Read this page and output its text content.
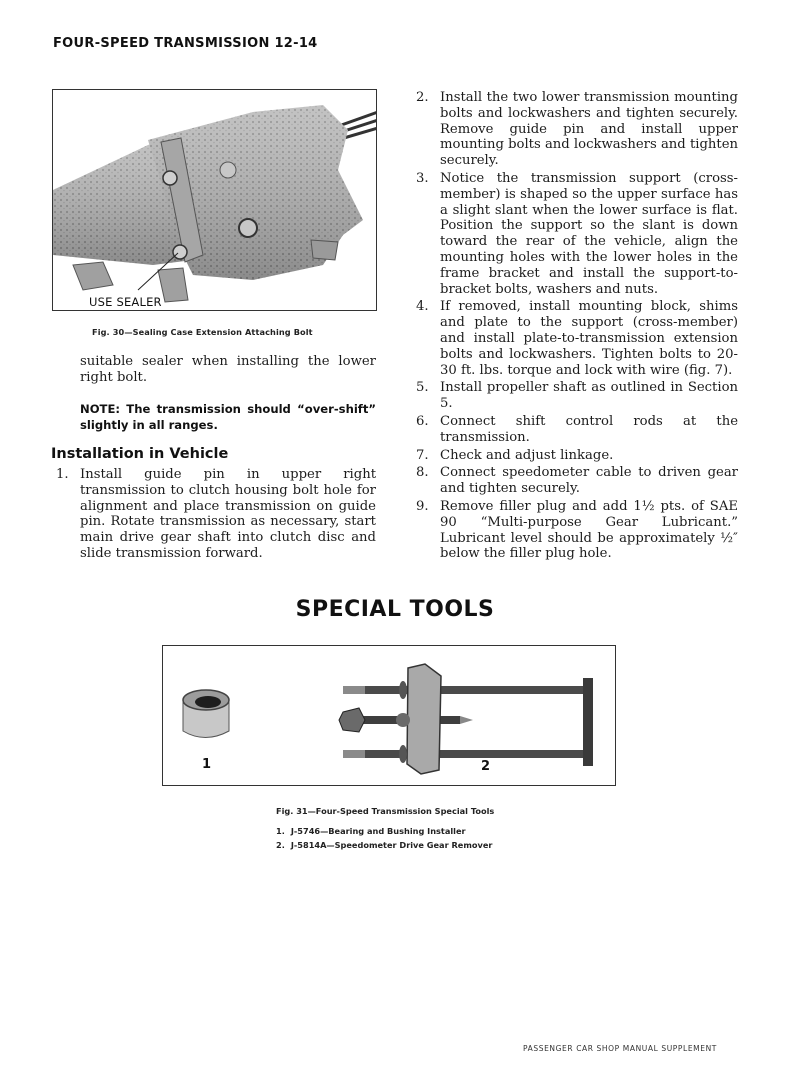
FOUR-SPEED TRANSMISSION 12-14
USE SEALER
Fig. 30—Sealing Case Extension Attaching Bolt

suitable sealer when installing the lower right bolt.

NOTE: The transmission should “over-shift” slightly in all ranges.

Installation in Vehicle
1. Install guide pin in upper right transmission to clutch housing bolt hole for alignment and place transmission on guide pin. Rotate transmission as necessary, start main drive gear shaft into clutch disc and slide transmission forward.
2. Install the two lower transmission mounting bolts and lockwashers and tighten securely. Remove guide pin and install upper mounting bolts and lockwashers and tighten securely.
3. Notice the transmission support (cross-member) is shaped so the upper surface has a slight slant when the lower surface is flat. Position the support so the slant is down toward the rear of the vehicle, align the mounting holes with the lower holes in the frame bracket and install the support-to-bracket bolts, washers and nuts.
4. If removed, install mounting block, shims and plate to the support (cross-member) and install plate-to-transmission extension bolts and lockwashers. Tighten bolts to 20-30 ft. lbs. torque and lock with wire (fig. 7).
5. Install propeller shaft as outlined in Section 5.
6. Connect shift control rods at the transmission.
7. Check and adjust linkage.
8. Connect speedometer cable to driven gear and tighten securely.
9. Remove filler plug and add 1½ pts. of SAE 90 “Multi-purpose Gear Lubricant.” Lubricant level should be approximately ½″ below the filler plug hole.
SPECIAL TOOLS
1	2
Fig. 31—Four-Speed Transmission Special Tools
1. J-5746—Bearing and Bushing Installer
2. J-5814A—Speedometer Drive Gear Remover
PASSENGER CAR SHOP MANUAL SUPPLEMENT
